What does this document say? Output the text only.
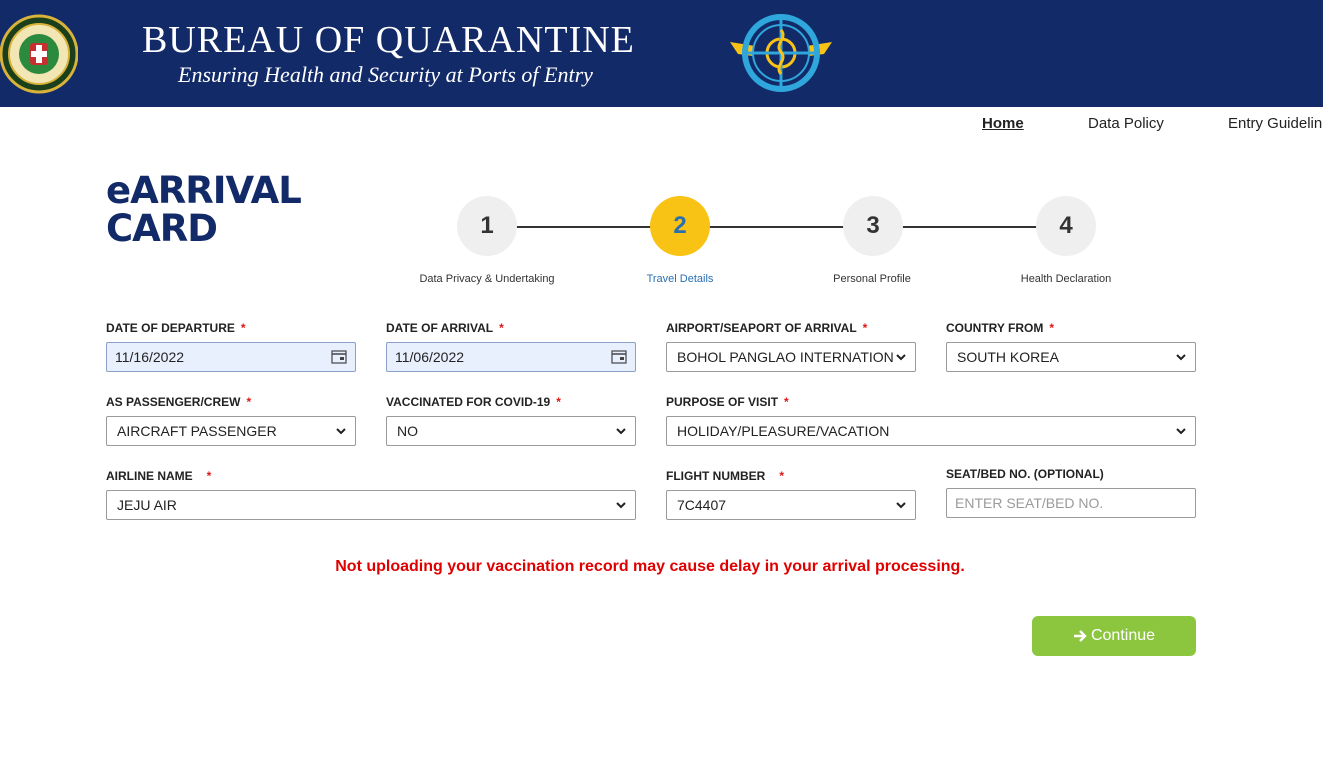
BUREAU OF QUARANTINE
Ensuring Health and Security at Ports of Entry
Home	Data Policy	Entry Guidelin
eARRIVAL
CARD	1	2	3	4
Data Privacy & Undertaking	Travel Details	Personal Profile	Health Declaration
DATE OF DEPARTURE *
11/16/2022
DATE OF ARRIVAL *
11/06/2022
AIRPORT/SEAPORT OF ARRIVAL *
BOHOL PANGLAO INTERNATION
COUNTRY FROM *
SOUTH KOREA
AS PASSENGER/CREW *
AIRCRAFT PASSENGER
VACCINATED FOR COVID-19 *
NO
PURPOSE OF VISIT *
HOLIDAY/PLEASURE/VACATION
AIRLINE NAME *
JEJU AIR
FLIGHT NUMBER *
7C4407
SEAT/BED NO. (OPTIONAL)
ENTER SEAT/BED NO.
Not uploading your vaccination record may cause delay in your arrival processing.
Continue
